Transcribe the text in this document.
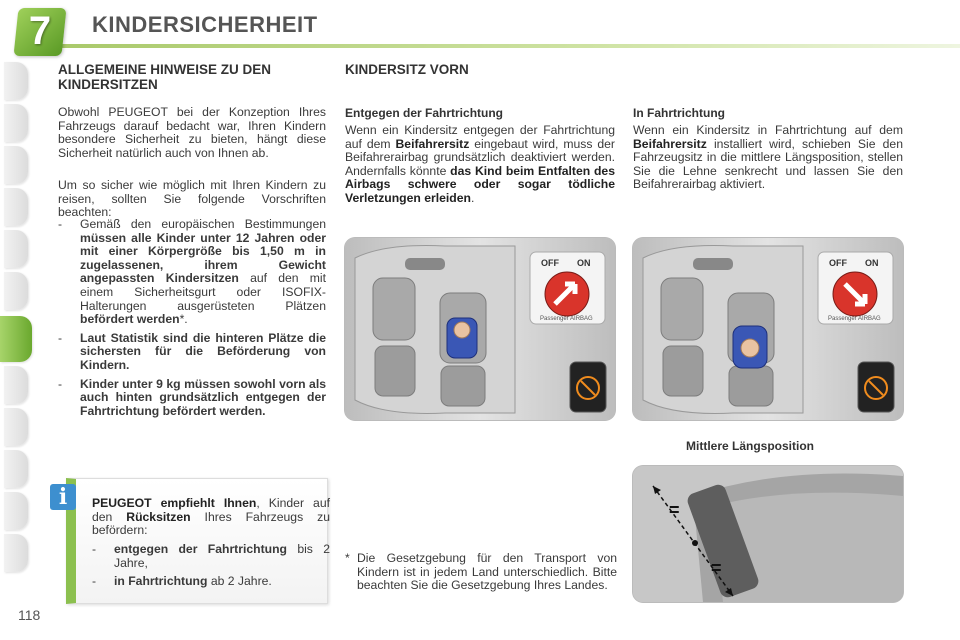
7	KINDERSICHERHEIT
118
ALLGEMEINE HINWEISE ZU DEN KINDERSITZEN
Obwohl PEUGEOT bei der Konzeption Ihres Fahrzeugs darauf bedacht war, Ihren Kindern besondere Sicherheit zu bieten, hängt diese Sicherheit natürlich auch von Ihnen ab.
Um so sicher wie möglich mit Ihren Kindern zu reisen, sollten Sie folgende Vorschriften beachten:
- Gemäß den europäischen Bestimmungen müssen alle Kinder unter 12 Jahren oder mit einer Körpergröße bis 1,50 m in zugelassenen, ihrem Gewicht angepassten Kindersitzen auf den mit einem Sicherheitsgurt oder ISOFIX-Halterungen ausgerüsteten Plätzen befördert werden*.
- Laut Statistik sind die hinteren Plätze die sichersten für die Beförderung von Kindern.
- Kinder unter 9 kg müssen sowohl vorn als auch hinten grundsätzlich entgegen der Fahrtrichtung befördert werden.
PEUGEOT empfiehlt Ihnen, Kinder auf den Rücksitzen Ihres Fahrzeugs zu befördern:
- entgegen der Fahrtrichtung bis 2 Jahre,
- in Fahrtrichtung ab 2 Jahre.
i
KINDERSITZ VORN
Entgegen der Fahrtrichtung
Wenn ein Kindersitz entgegen der Fahrtrichtung auf dem Beifahrersitz eingebaut wird, muss der Beifahrerairbag grundsätzlich deaktiviert werden. Andernfalls könnte das Kind beim Entfalten des Airbags schwere oder sogar tödliche Verletzungen erleiden.
In Fahrtrichtung
Wenn ein Kindersitz in Fahrtrichtung auf dem Beifahrersitz installiert wird, schieben Sie den Fahrzeugsitz in die mittlere Längsposition, stellen Sie die Lehne senkrecht und lassen Sie den Beifahrerairbag aktiviert.
OFF ON
Passenger AIRBAG
OFF ON
Passenger AIRBAG
Mittlere Längsposition
=
=
* Die Gesetzgebung für den Transport von Kindern ist in jedem Land unterschiedlich. Bitte beachten Sie die Gesetzgebung Ihres Landes.
